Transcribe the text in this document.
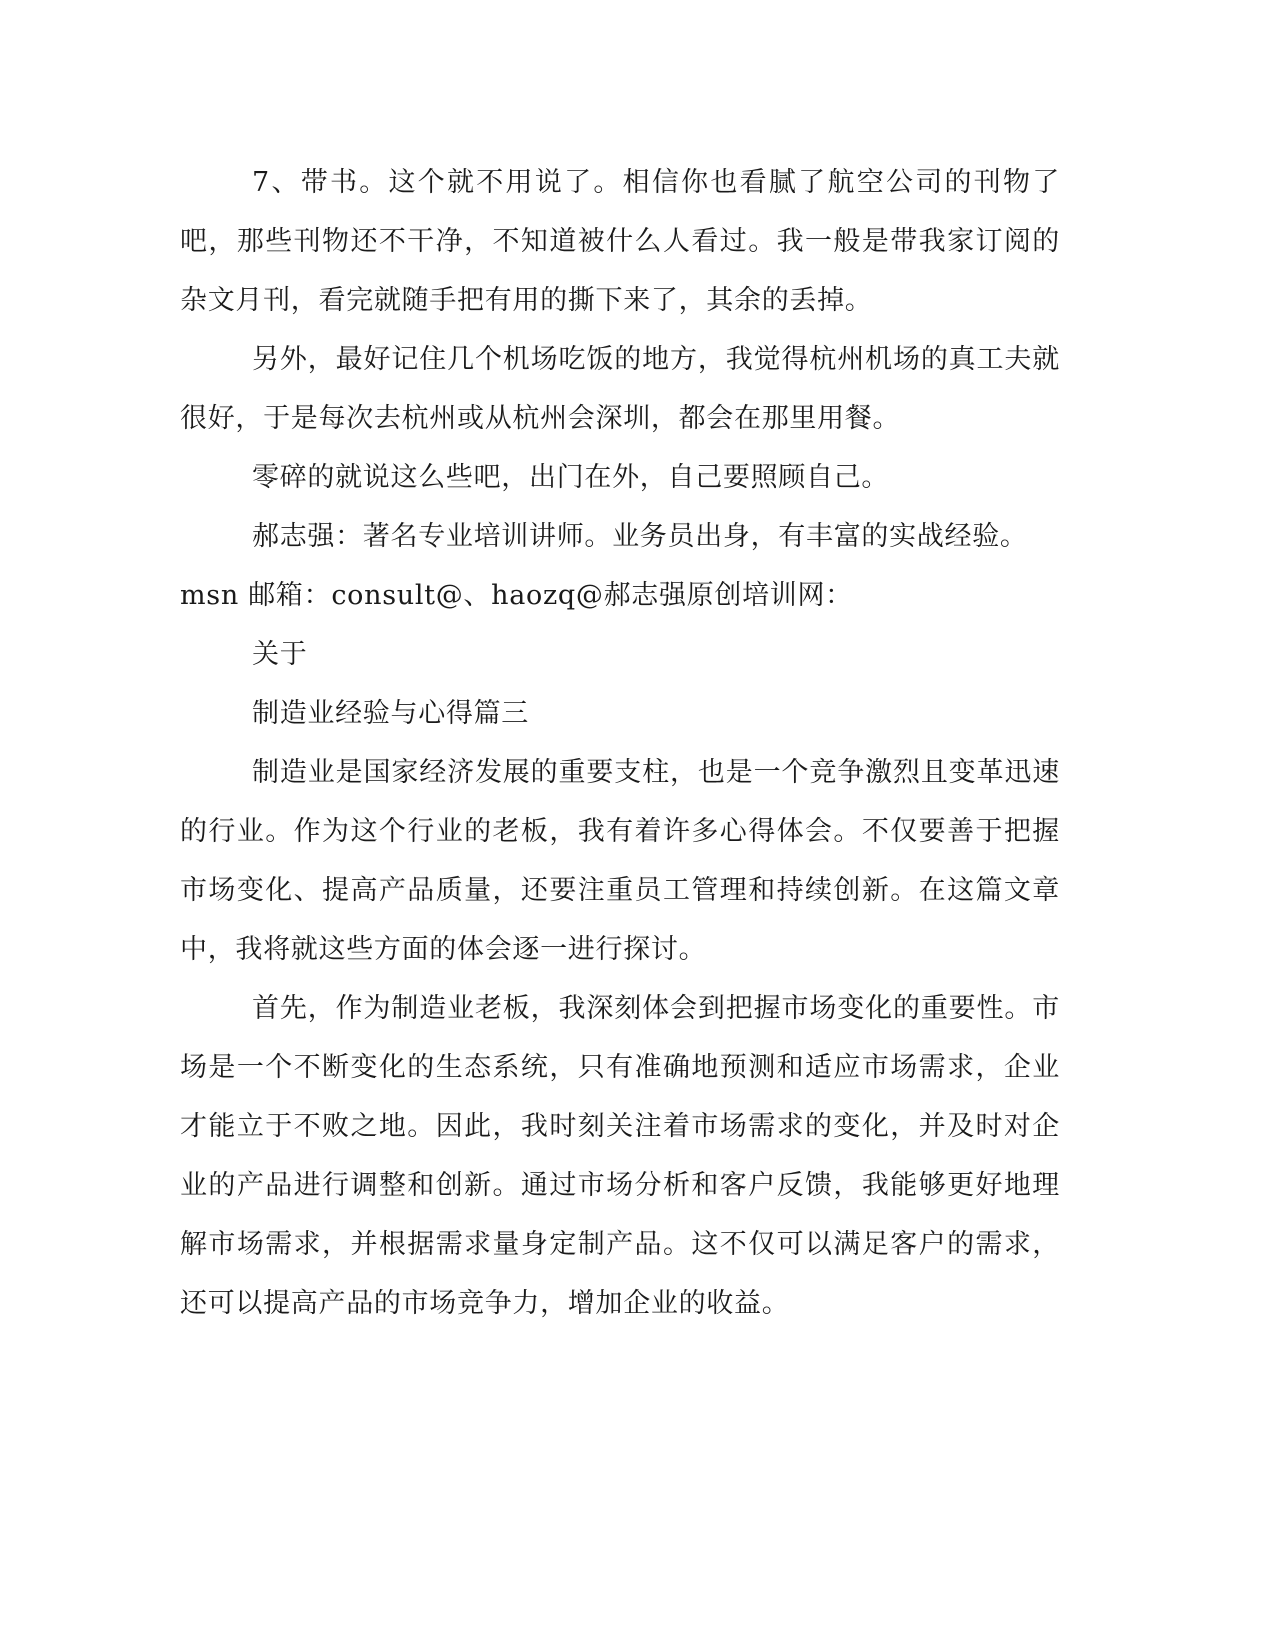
7、带书。这个就不用说了。相信你也看腻了航空公司的刊物了吧，那些刊物还不干净，不知道被什么人看过。我一般是带我家订阅的杂文月刊，看完就随手把有用的撕下来了，其余的丢掉。

另外，最好记住几个机场吃饭的地方，我觉得杭州机场的真工夫就很好，于是每次去杭州或从杭州会深圳，都会在那里用餐。

零碎的就说这么些吧，出门在外，自己要照顾自己。

郝志强：著名专业培训讲师。业务员出身，有丰富的实战经验。

msn 邮箱：consult@、haozq@郝志强原创培训网：

关于

制造业经验与心得篇三

制造业是国家经济发展的重要支柱，也是一个竞争激烈且变革迅速的行业。作为这个行业的老板，我有着许多心得体会。不仅要善于把握市场变化、提高产品质量，还要注重员工管理和持续创新。在这篇文章中，我将就这些方面的体会逐一进行探讨。

首先，作为制造业老板，我深刻体会到把握市场变化的重要性。市场是一个不断变化的生态系统，只有准确地预测和适应市场需求，企业才能立于不败之地。因此，我时刻关注着市场需求的变化，并及时对企业的产品进行调整和创新。通过市场分析和客户反馈，我能够更好地理解市场需求，并根据需求量身定制产品。这不仅可以满足客户的需求，还可以提高产品的市场竞争力，增加企业的收益。
